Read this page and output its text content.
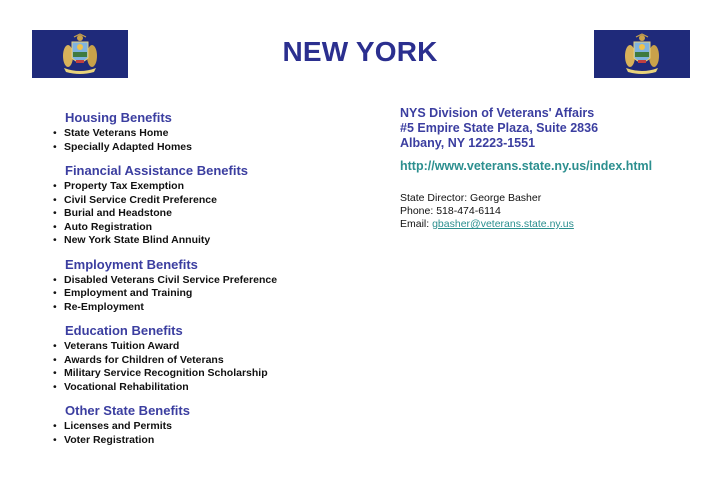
NEW YORK
Housing Benefits
• State Veterans Home
• Specially Adapted Homes
Financial Assistance Benefits
• Property Tax Exemption
• Civil Service Credit Preference
• Burial and Headstone
• Auto Registration
• New York State Blind Annuity
Employment Benefits
• Disabled Veterans Civil Service Preference
• Employment and Training
• Re-Employment
Education Benefits
• Veterans Tuition Award
• Awards for Children of Veterans
• Military Service Recognition Scholarship
• Vocational Rehabilitation
Other State Benefits
• Licenses and Permits
• Voter Registration
NYS Division of Veterans' Affairs
#5 Empire State Plaza, Suite 2836
Albany, NY 12223-1551
http://www.veterans.state.ny.us/index.html
State Director: George Basher
Phone: 518-474-6114
Email: gbasher@veterans.state.ny.us
